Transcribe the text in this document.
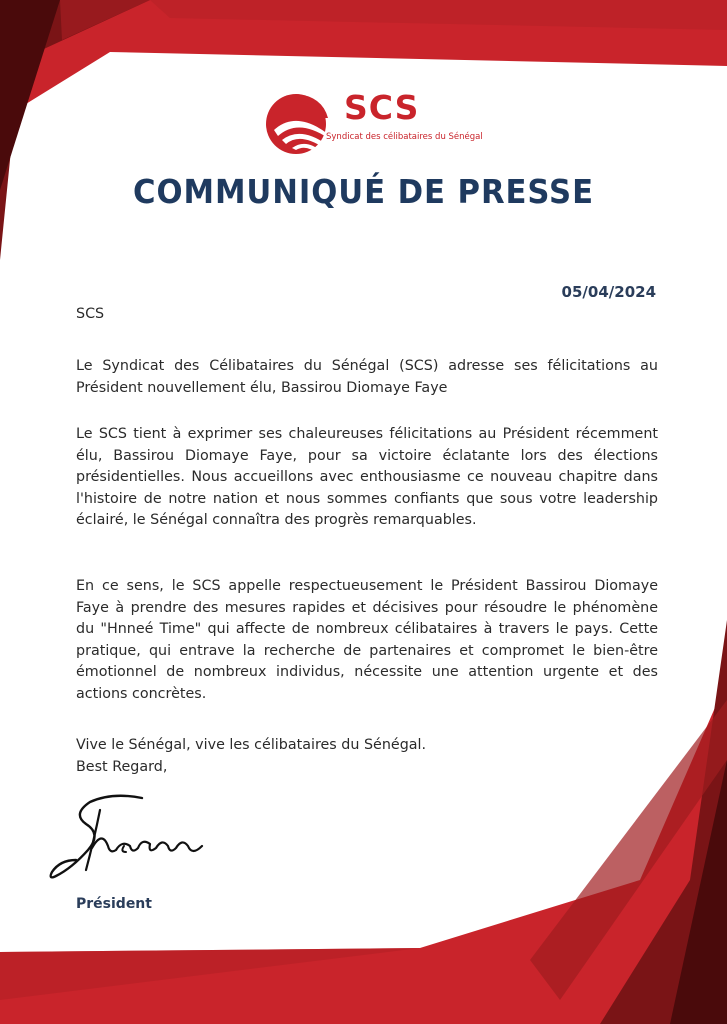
SCS
Syndicat des célibataires du Sénégal
COMMUNIQUÉ DE PRESSE
05/04/2024

SCS

Le Syndicat des Célibataires du Sénégal (SCS) adresse ses félicitations au Président nouvellement élu, Bassirou Diomaye Faye

Le SCS tient à exprimer ses chaleureuses félicitations au Président récemment élu, Bassirou Diomaye Faye, pour sa victoire éclatante lors des élections présidentielles. Nous accueillons avec enthousiasme ce nouveau chapitre dans l'histoire de notre nation et nous sommes confiants que sous votre leadership éclairé, le Sénégal connaîtra des progrès remarquables.

En ce sens, le SCS appelle respectueusement le Président Bassirou Diomaye Faye à prendre des mesures rapides et décisives pour résoudre le phénomène du "Hnneé Time" qui affecte de nombreux célibataires à travers le pays. Cette pratique, qui entrave la recherche de partenaires et compromet le bien-être émotionnel de nombreux individus, nécessite une attention urgente et des actions concrètes.

Vive le Sénégal, vive les célibataires du Sénégal.

Best Regard,

Président
